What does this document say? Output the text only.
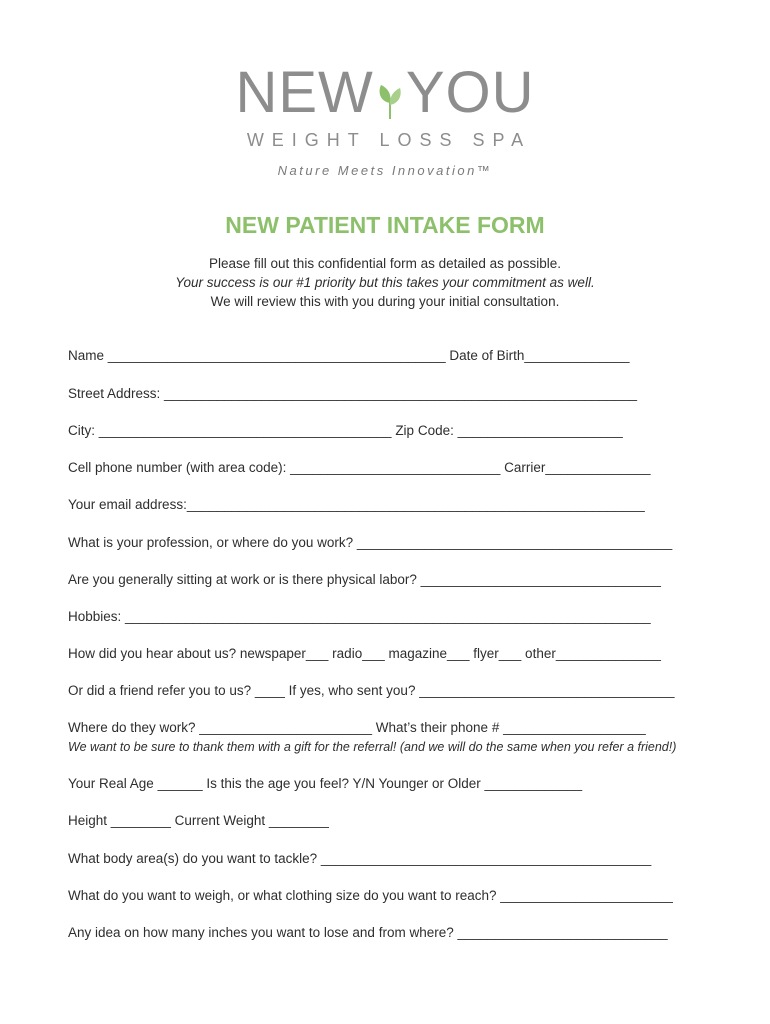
NEW YOU
WEIGHT LOSS SPA
Nature Meets Innovation™
NEW PATIENT INTAKE FORM
Please fill out this confidential form as detailed as possible.
Your success is our #1 priority but this takes your commitment as well.
We will review this with you during your initial consultation.
Name _____________________________________________ Date of Birth______________
Street Address: _______________________________________________________________
City: _______________________________________ Zip Code: ______________________
Cell phone number (with area code): ____________________________ Carrier______________
Your email address:_____________________________________________________________
What is your profession, or where do you work? __________________________________________
Are you generally sitting at work or is there physical labor? ________________________________
Hobbies: ______________________________________________________________________
How did you hear about us? newspaper___ radio___ magazine___ flyer___ other______________
Or did a friend refer you to us? ____ If yes, who sent you? __________________________________
Where do they work? _______________________ What’s their phone # ___________________
We want to be sure to thank them with a gift for the referral! (and we will do the same when you refer a friend!)
Your Real Age ______ Is this the age you feel? Y/N Younger or Older _____________
Height ________ Current Weight ________
What body area(s) do you want to tackle? ____________________________________________
What do you want to weigh, or what clothing size do you want to reach? _______________________
Any idea on how many inches you want to lose and from where? ____________________________
